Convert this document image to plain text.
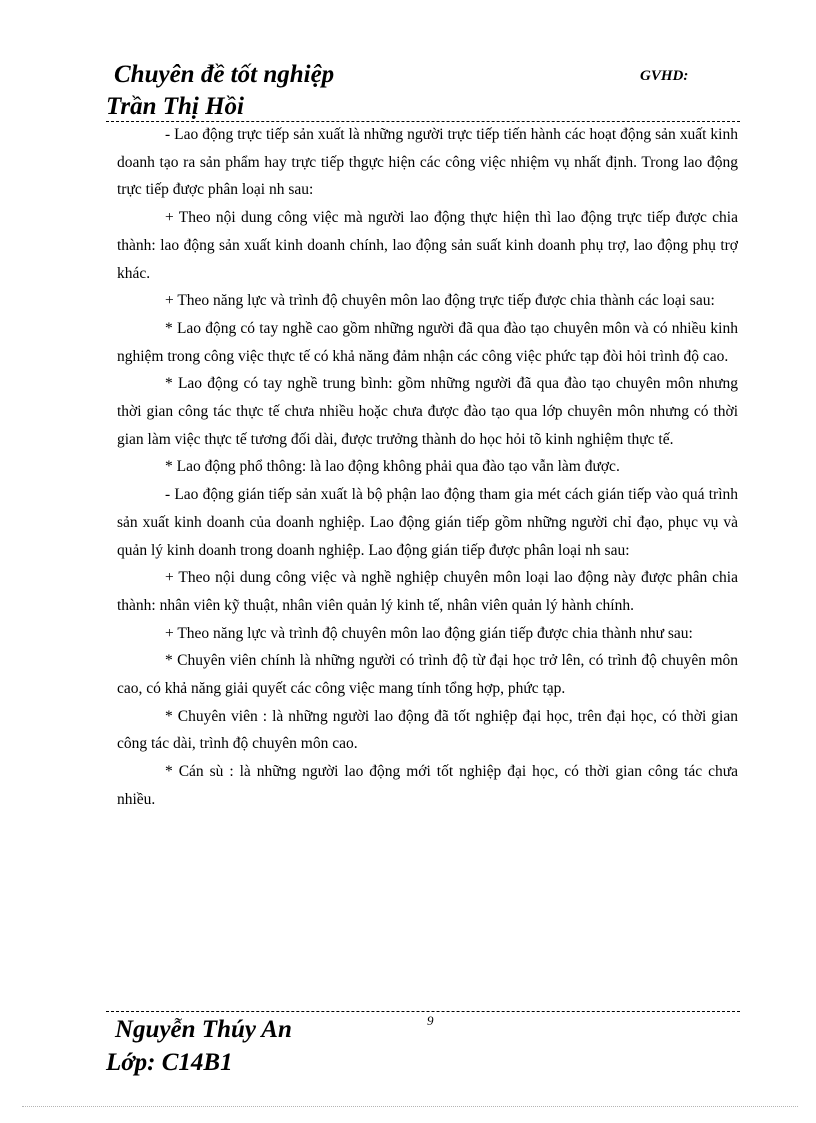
Chuyên đề tốt nghiệp	GVHD:
Trần Thị Hồi

- Lao động trực tiếp sản xuất là những người trực tiếp tiến hành các hoạt động sản xuất kinh doanh tạo ra sản phẩm hay trực tiếp thgực hiện các công việc nhiệm vụ nhất định. Trong lao động trực tiếp được phân loại nh sau:

+ Theo nội dung công việc mà người lao động thực hiện thì lao động trực tiếp được chia thành: lao động sản xuất kinh doanh chính, lao động sản suất kinh doanh phụ trợ, lao động phụ trợ khác.

+ Theo năng lực và trình độ chuyên môn lao động trực tiếp được chia thành các loại sau:

* Lao động có tay nghề cao gồm những người đã qua đào tạo chuyên môn và có nhiều kinh nghiệm trong công việc thực tế có khả năng đảm nhận các công việc phức tạp đòi hỏi trình độ cao.

* Lao động có tay nghề trung bình: gồm những người đã qua đào tạo chuyên môn nhưng thời gian công tác thực tế chưa nhiều hoặc chưa được đào tạo qua lớp chuyên môn nhưng có thời gian làm việc thực tế tương đối dài, được trưởng thành do học hỏi tõ kinh nghiệm thực tế.

* Lao động phổ thông: là lao động không phải qua đào tạo vẫn làm được.

- Lao động gián tiếp sản xuất là bộ phận lao động tham gia mét cách gián tiếp vào quá trình sản xuất kinh doanh của doanh nghiệp. Lao động gián tiếp gồm những người chỉ đạo, phục vụ và quản lý kinh doanh trong doanh nghiệp. Lao động gián tiếp được phân loại nh sau:

+ Theo nội dung công việc và nghề nghiệp chuyên môn loại lao động này được phân chia thành: nhân viên kỹ thuật, nhân viên quản lý kinh tế, nhân viên quản lý hành chính.

+ Theo năng lực và trình độ chuyên môn lao động gián tiếp được chia thành như sau:

* Chuyên viên chính là những người có trình độ từ đại học trở lên, có trình độ chuyên môn cao, có khả năng giải quyết các công việc mang tính tổng hợp, phức tạp.

* Chuyên viên : là những người lao động đã tốt nghiệp đại học, trên đại học, có thời gian công tác dài, trình độ chuyên môn cao.

* Cán sù : là những người lao động mới tốt nghiệp đại học, có thời gian công tác chưa nhiều.

9
Nguyễn Thúy An
Lớp: C14B1
